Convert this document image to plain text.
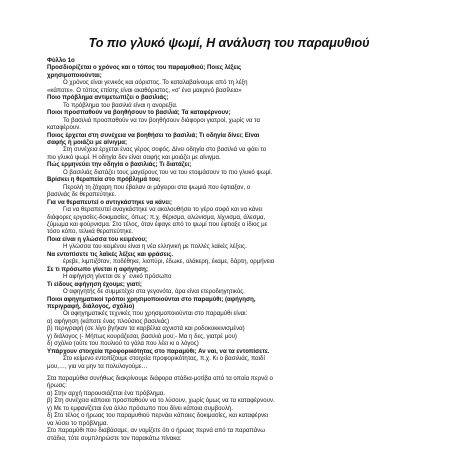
Το πιο γλυκό ψωμί, Η ανάλυση του παραμυθιού
Φύλλο 1ο
Προσδιορίζεται ο χρόνος και ο τόπος του παραμυθιού; Ποιες λέξεις
χρησιμοποιούνται;
Ο χρόνος είναι γενικός και αόριστος. Το καταλαβαίνουμε από τη λέξη
«κάποτε». Ο τόπος επίσης είναι ακαθόριστος, «σ' ένα μακρινό βασίλειο»
Ποιο πρόβλημα αντιμετωπίζει ο βασιλιάς;
Το πρόβλημα του βασιλιά είναι η ανορεξία.
Ποιοι προσπαθούν να βοηθήσουν το βασιλιά; Τα καταφέρνουν;
Το βασιλιά προσπαθούν να τον βοηθήσουν διάφοροι γιατροί, χωρίς να τα
καταφέρουν.
Ποιος έρχεται στη συνέχεια να βοηθήσει το βασιλιά; Τι οδηγία δίνει; Είναι
σαφής ή μοιάζει με αίνιγμα;
Στη συνέχεια έρχεται ένας γέρος σοφός. Δίνει οδηγία στο βασιλιά να φάει το
πιο γλυκό ψωμί. Η οδηγία δεν είναι σαφής και μοιάζει με αίνιγμα.
Πώς ερμηνεύει την οδηγία ο βασιλιάς; Τι διατάζει;
Ο βασιλιάς διατάζει τους μαγείρους του να του ετοιμάσουν το πιο γλυκό ψωμί.
Βρίσκει η θεραπεία στο πρόβλημά του;
Περολή τη ζάχαρη που έβαλαν οι μάγειροι στα ψωμιά που έφτιαξαν, ο
βασιλιάς δε θεραπεύτηκε.
Για να θεραπευτεί ο αντιγκάστηκε να κάνει;
Για να θεραπευτεί αναγκάστηκε να ακολουθήσει το γέρο σοφό και να κάνει
διάφορες εργασίες-δοκιμασίες, όπως: π.χ. θέρισμα, αλώνισμα, λίχνισμα, άλεσμα,
ζύμωμα και φούρνισμα. Στο τέλος, όταν έφαγε από το ψωμί που έφτιαξε ο ίδιος με
τόσο κόπο, τελικά θεραπεύτηκε.
Ποια είναι η γλώσσα του κειμένου;
Η γλώσσα του κειμένου είναι η νέα ελληνική με πολλές λαϊκές λέξεις.
Να εντοπίσετε τις λαϊκές λέξεις και φράσεις.
έρεβε, λιμπιζόταν, ποδέθηκε, λιοπύρι, έδωκε, ολάκερη, έκαμε, δάρτη, ορμήνεια
Σε τι πρόσωπο γίνεται η αφήγηση;
Η αφήγηση γίνεται σε γ΄ ενικό πρόσωπο
Τι είδους αφήγηση έχουμε; γιατί;
Ο αφηγητής δε συμμετέχει στα γεγονότα, άρα είναι ετεροδιηγητικός.
Ποιοι αφηγηματικοί τρόποι χρησιμοποιούνται στο παραμύθι; (αφήγηση,
περιγραφή, διάλογος, σχόλιο)
Οι αφηγηματικές τεχνικές που χρησιμοποιούνται στο παραμύθι είναι:
α) αφήγηση (κάποτε ένας πλούσιος βασιλιάς)
β) περιγραφή (σε λίγο βγήκαν τα καρβέλια αχνιστά και ροδοκοκκινισμένα)
γ) διάλογος (- Μήπως κουράζεσαι, βασιλιά μου;- Μα η δες, γιατρέ μου)
δ) σχόλιο (ούτε του πουλιού το γάλα που λέει κι ο λόγος)
Υπάρχουν στοιχεία προφορικότητας στο παραμύθι; Αν ναι, να τα εντοπίσετε.
Στο κείμενο εντοπίζουμε στοιχεία προφορικότητας, π.χ. Κι ο βασιλιάς, παιδί
μου,…, για να μην τα πολυλογούμε…
Στα παραμύθια συνήθως διακρίνουμε διάφορα στάδια-μοτίβα από τα οποία περνά ο
ήρωας:
α) Στην αρχή παρουσιάζεται ένα πρόβλημα.
β) Στη συνέχεια κάποιοι προσπαθούν να το λύσουν, χωρίς όμως να τα καταφέρνουν.
γ) Με το εμφανίζεται ένα άλλο πρόσωπο που δίνει κάποια συμβουλή.
δ) Στο τέλος ο ήρωας του παραμυθιού περνάει κάποιες δοκιμασίες, και καταφέρνει
να λύσει το πρόβλημα.
Στο παραμύθι που διαβάσαμε, αν νομίζετε ότι ο ήρωας περνά από τα παραπάνω
στάδια, τότε συμπληρώστε τον παρακάτω πίνακα:
